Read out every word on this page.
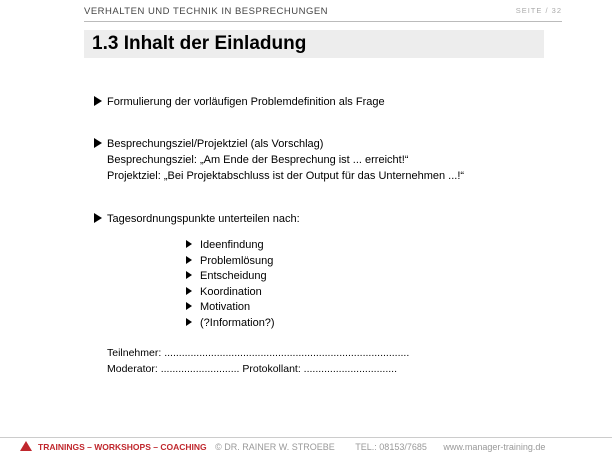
VERHALTEN UND TECHNIK IN BESPRECHUNGEN	SEITE / 32
1.3 Inhalt der Einladung
Formulierung der vorläufigen Problemdefinition als Frage
Besprechungsziel/Projektziel (als Vorschlag)
Besprechungsziel: „Am Ende der Besprechung ist ... erreicht!“
Projektziel: „Bei Projektabschluss ist der Output für das Unternehmen ...!“
Tagesordnungspunkte unterteilen nach:
Ideenfindung
Problemlösung
Entscheidung
Koordination
Motivation
(?Information?)
Teilnehmer: ....................................................................................
Moderator: ........................... Protokollant: ................................
TRAININGS – WORKSHOPS – COACHING © DR. RAINER W. STROEBE TEL.: 08153/7685 www.manager-training.de
